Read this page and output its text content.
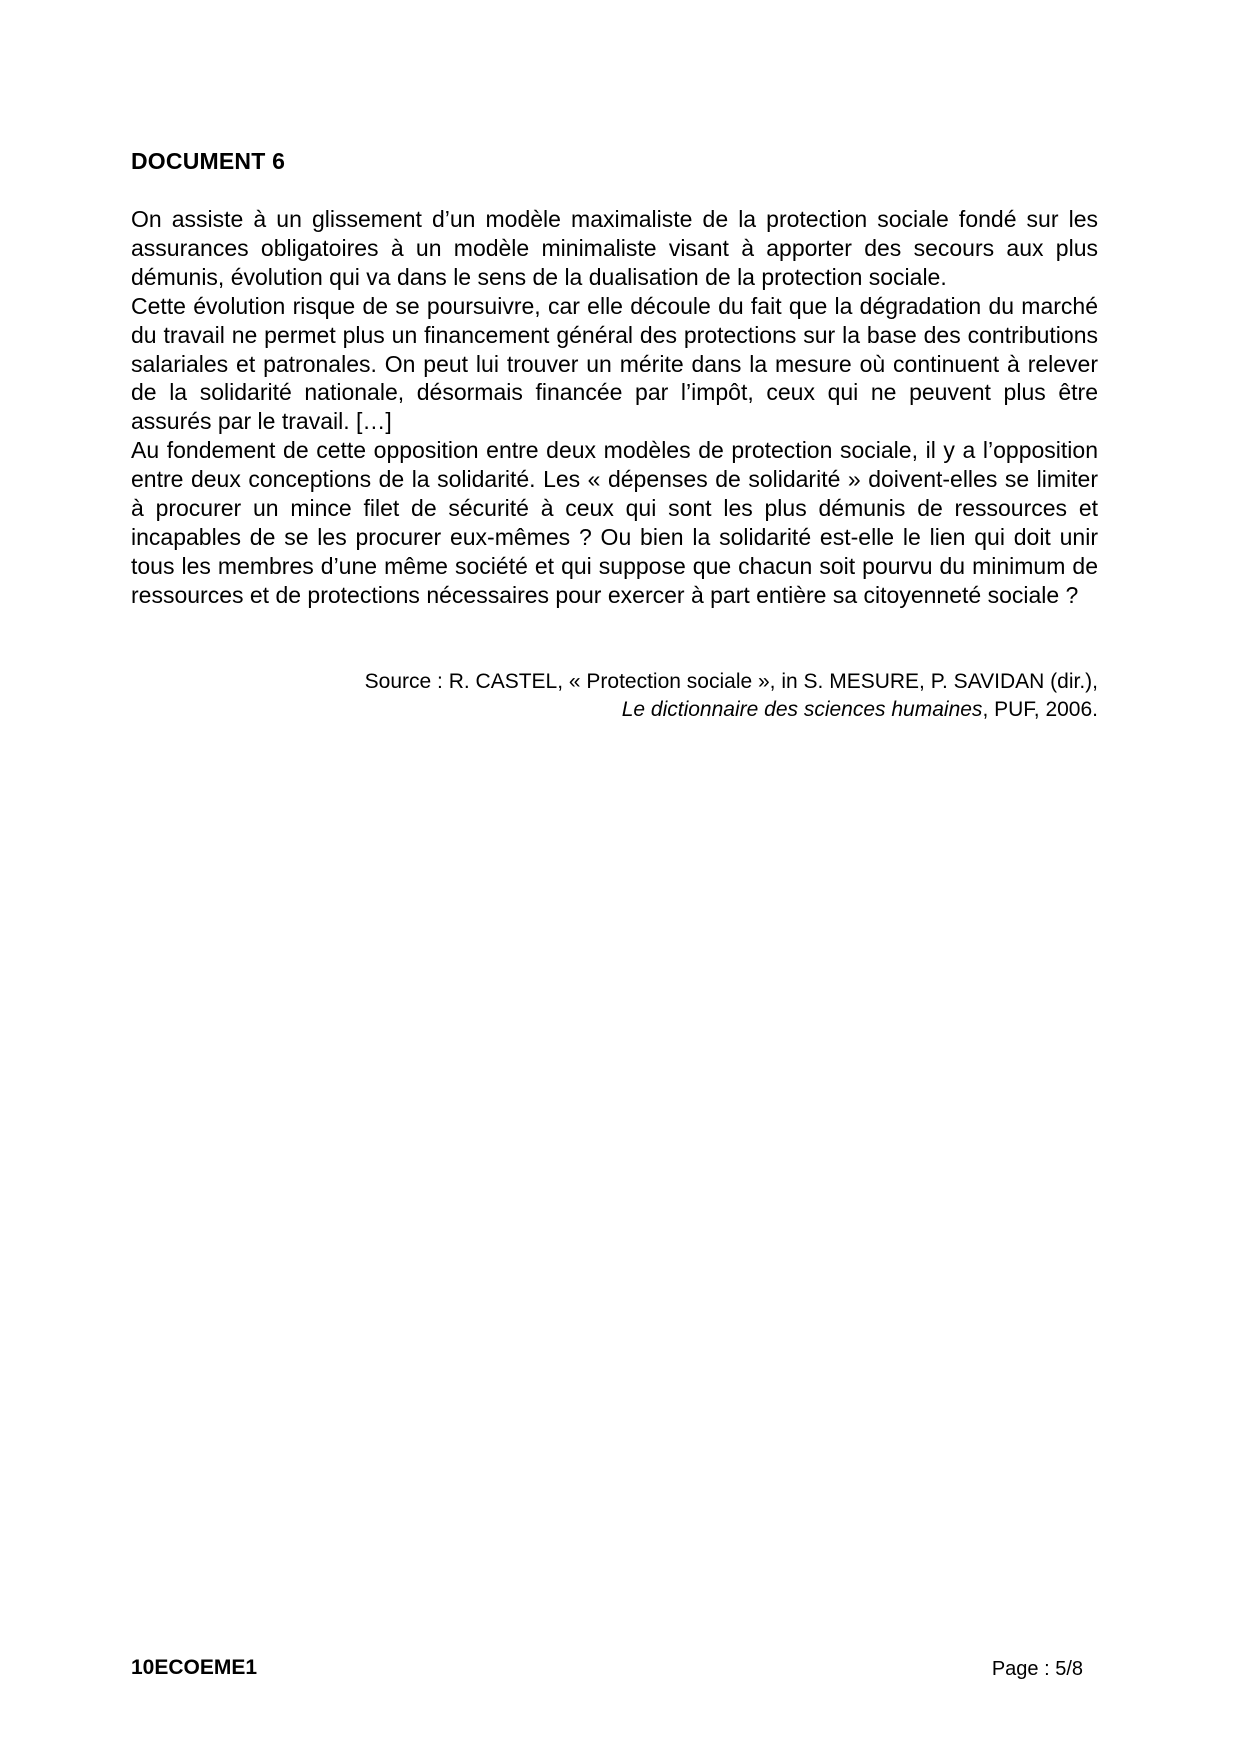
DOCUMENT 6

On assiste à un glissement d’un modèle maximaliste de la protection sociale fondé sur les assurances obligatoires à un modèle minimaliste visant à apporter des secours aux plus démunis, évolution qui va dans le sens de la dualisation de la protection sociale.

Cette évolution risque de se poursuivre, car elle découle du fait que la dégradation du marché du travail ne permet plus un financement général des protections sur la base des contributions salariales et patronales. On peut lui trouver un mérite dans la mesure où continuent à relever de la solidarité nationale, désormais financée par l’impôt, ceux qui ne peuvent plus être assurés par le travail. […]

Au fondement de cette opposition entre deux modèles de protection sociale, il y a l’opposition entre deux conceptions de la solidarité. Les « dépenses de solidarité » doivent-elles se limiter à procurer un mince filet de sécurité à ceux qui sont les plus démunis de ressources et incapables de se les procurer eux-mêmes ? Ou bien la solidarité est-elle le lien qui doit unir tous les membres d’une même société et qui suppose que chacun soit pourvu du minimum de ressources et de protections nécessaires pour exercer à part entière sa citoyenneté sociale ?

Source : R. CASTEL, « Protection sociale », in S. MESURE, P. SAVIDAN (dir.),
Le dictionnaire des sciences humaines, PUF, 2006.
10ECOEME1	Page : 5/8
